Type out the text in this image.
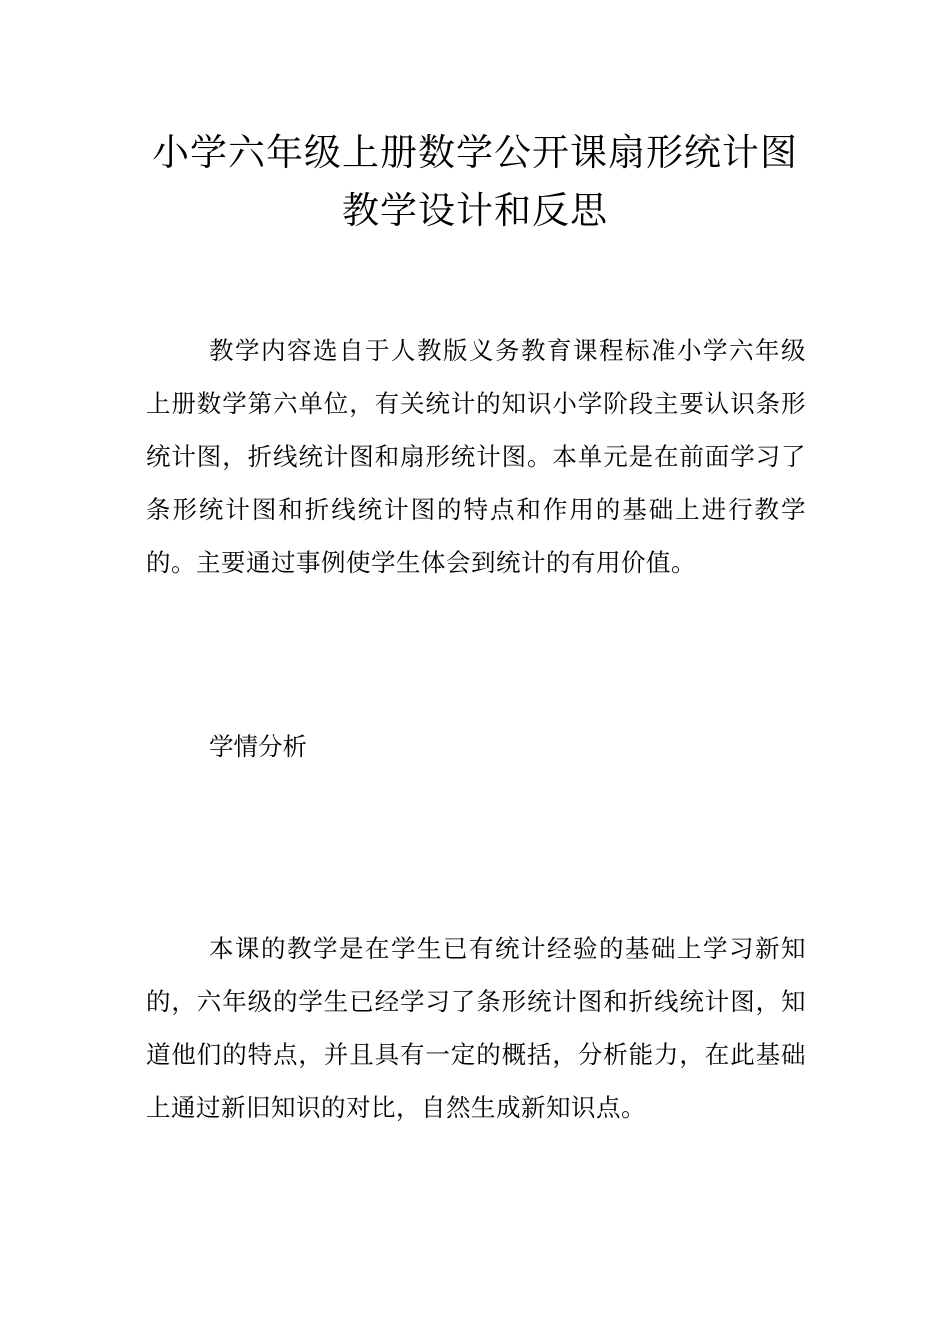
小学六年级上册数学公开课扇形统计图
教学设计和反思

教学内容选自于人教版义务教育课程标准小学六年级上册数学第六单位，有关统计的知识小学阶段主要认识条形统计图，折线统计图和扇形统计图。本单元是在前面学习了条形统计图和折线统计图的特点和作用的基础上进行教学的。主要通过事例使学生体会到统计的有用价值。

学情分析

本课的教学是在学生已有统计经验的基础上学习新知的，六年级的学生已经学习了条形统计图和折线统计图，知道他们的特点，并且具有一定的概括，分析能力，在此基础上通过新旧知识的对比，自然生成新知识点。
